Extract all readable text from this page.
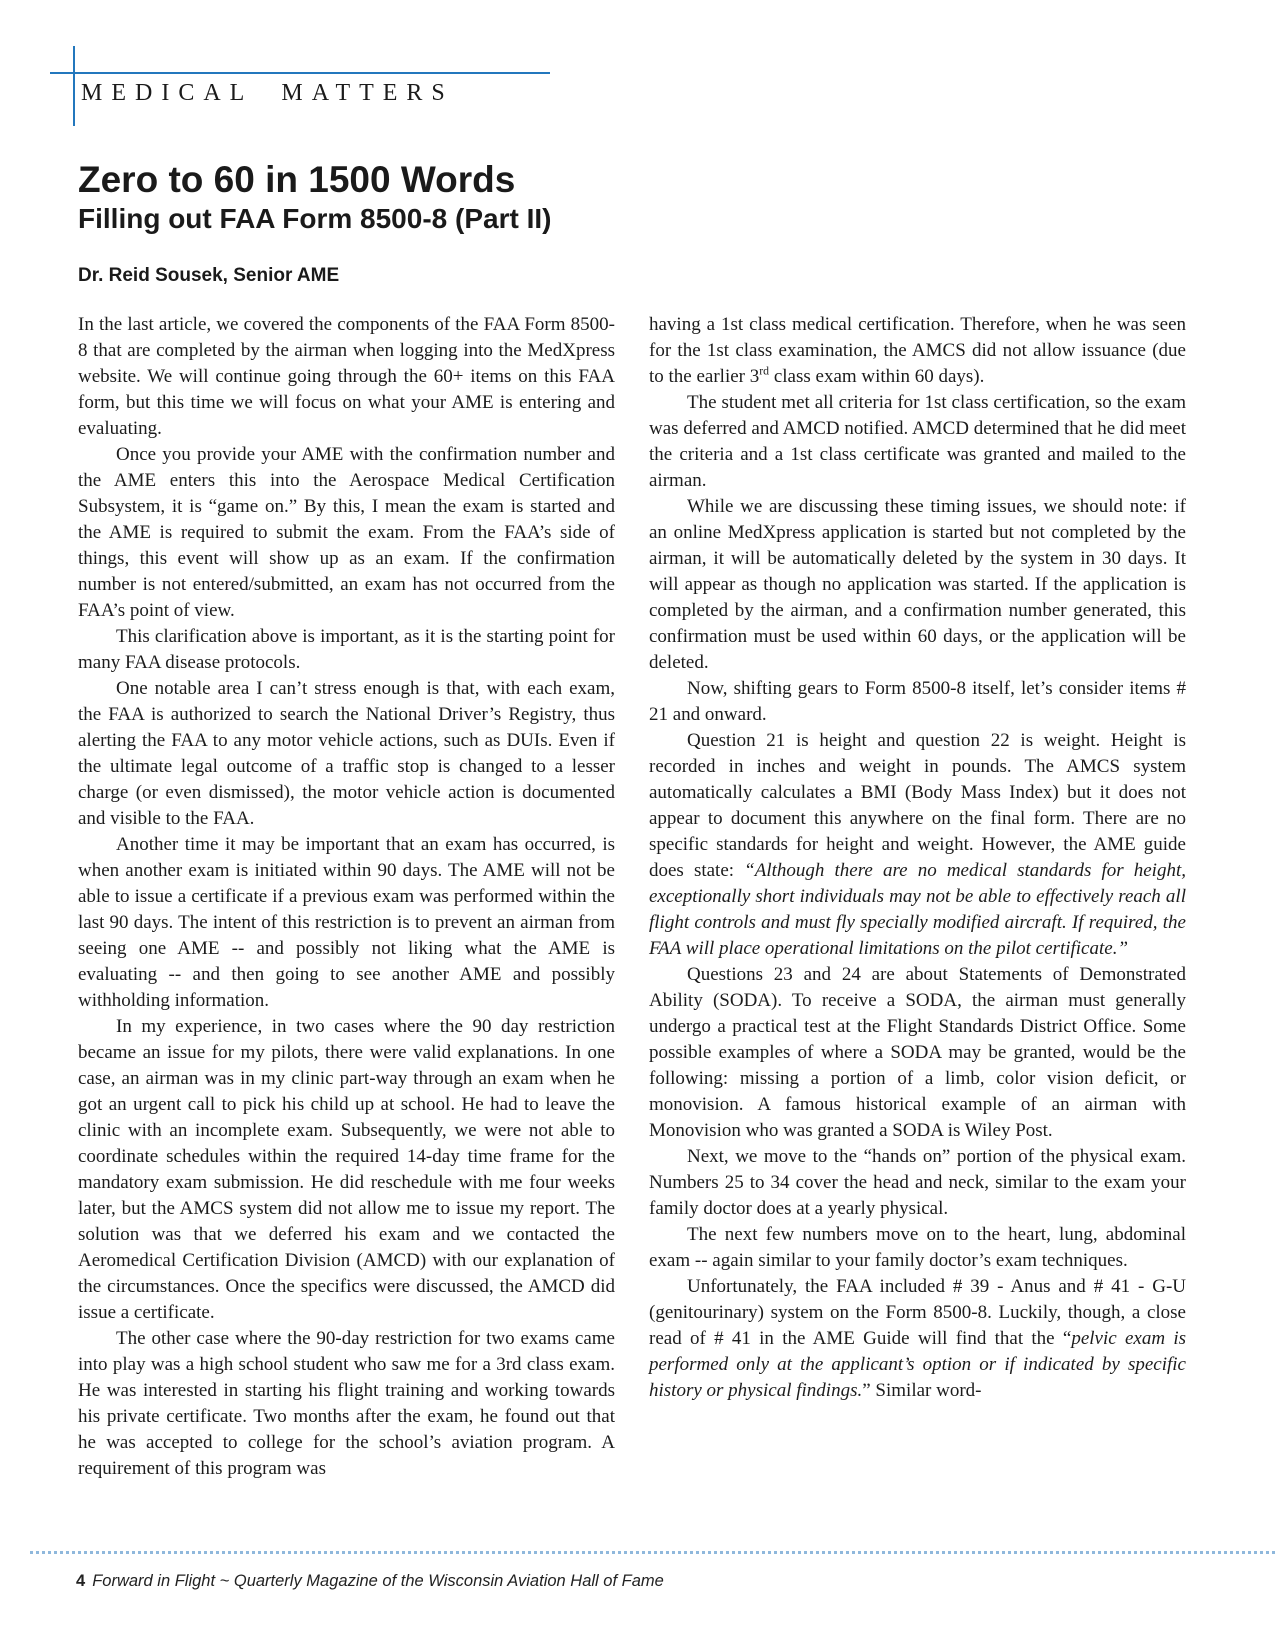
MEDICAL MATTERS
Zero to 60 in 1500 Words
Filling out FAA Form 8500-8 (Part II)
Dr. Reid Sousek, Senior AME

In the last article, we covered the components of the FAA Form 8500-8 that are completed by the airman when logging into the MedXpress website. We will continue going through the 60+ items on this FAA form, but this time we will focus on what your AME is entering and evaluating.

Once you provide your AME with the confirmation number and the AME enters this into the Aerospace Medical Certification Subsystem, it is “game on.” By this, I mean the exam is started and the AME is required to submit the exam. From the FAA’s side of things, this event will show up as an exam. If the confirmation number is not entered/submitted, an exam has not occurred from the FAA’s point of view.

This clarification above is important, as it is the starting point for many FAA disease protocols.

One notable area I can’t stress enough is that, with each exam, the FAA is authorized to search the National Driver’s Registry, thus alerting the FAA to any motor vehicle actions, such as DUIs. Even if the ultimate legal outcome of a traffic stop is changed to a lesser charge (or even dismissed), the motor vehicle action is documented and visible to the FAA.

Another time it may be important that an exam has occurred, is when another exam is initiated within 90 days. The AME will not be able to issue a certificate if a previous exam was performed within the last 90 days. The intent of this restriction is to prevent an airman from seeing one AME -- and possibly not liking what the AME is evaluating -- and then going to see another AME and possibly withholding information.

In my experience, in two cases where the 90 day restriction became an issue for my pilots, there were valid explanations. In one case, an airman was in my clinic part-way through an exam when he got an urgent call to pick his child up at school. He had to leave the clinic with an incomplete exam. Subsequently, we were not able to coordinate schedules within the required 14-day time frame for the mandatory exam submission. He did reschedule with me four weeks later, but the AMCS system did not allow me to issue my report. The solution was that we deferred his exam and we contacted the Aeromedical Certification Division (AMCD) with our explanation of the circumstances. Once the specifics were discussed, the AMCD did issue a certificate.

The other case where the 90-day restriction for two exams came into play was a high school student who saw me for a 3rd class exam. He was interested in starting his flight training and working towards his private certificate. Two months after the exam, he found out that he was accepted to college for the school’s aviation program. A requirement of this program was

having a 1st class medical certification. Therefore, when he was seen for the 1st class examination, the AMCS did not allow issuance (due to the earlier 3rd class exam within 60 days).

The student met all criteria for 1st class certification, so the exam was deferred and AMCD notified. AMCD determined that he did meet the criteria and a 1st class certificate was granted and mailed to the airman.

While we are discussing these timing issues, we should note: if an online MedXpress application is started but not completed by the airman, it will be automatically deleted by the system in 30 days. It will appear as though no application was started. If the application is completed by the airman, and a confirmation number generated, this confirmation must be used within 60 days, or the application will be deleted.

Now, shifting gears to Form 8500-8 itself, let’s consider items # 21 and onward.

Question 21 is height and question 22 is weight. Height is recorded in inches and weight in pounds. The AMCS system automatically calculates a BMI (Body Mass Index) but it does not appear to document this anywhere on the final form. There are no specific standards for height and weight. However, the AME guide does state: “Although there are no medical standards for height, exceptionally short individuals may not be able to effectively reach all flight controls and must fly specially modified aircraft. If required, the FAA will place operational limitations on the pilot certificate.”

Questions 23 and 24 are about Statements of Demonstrated Ability (SODA). To receive a SODA, the airman must generally undergo a practical test at the Flight Standards District Office. Some possible examples of where a SODA may be granted, would be the following: missing a portion of a limb, color vision deficit, or monovision. A famous historical example of an airman with Monovision who was granted a SODA is Wiley Post.

Next, we move to the “hands on” portion of the physical exam. Numbers 25 to 34 cover the head and neck, similar to the exam your family doctor does at a yearly physical.

The next few numbers move on to the heart, lung, abdominal exam -- again similar to your family doctor’s exam techniques.

Unfortunately, the FAA included # 39 - Anus and # 41 - G-U (genitourinary) system on the Form 8500-8. Luckily, though, a close read of # 41 in the AME Guide will find that the “pelvic exam is performed only at the applicant’s option or if indicated by specific history or physical findings.” Similar word-

4 Forward in Flight ~ Quarterly Magazine of the Wisconsin Aviation Hall of Fame
